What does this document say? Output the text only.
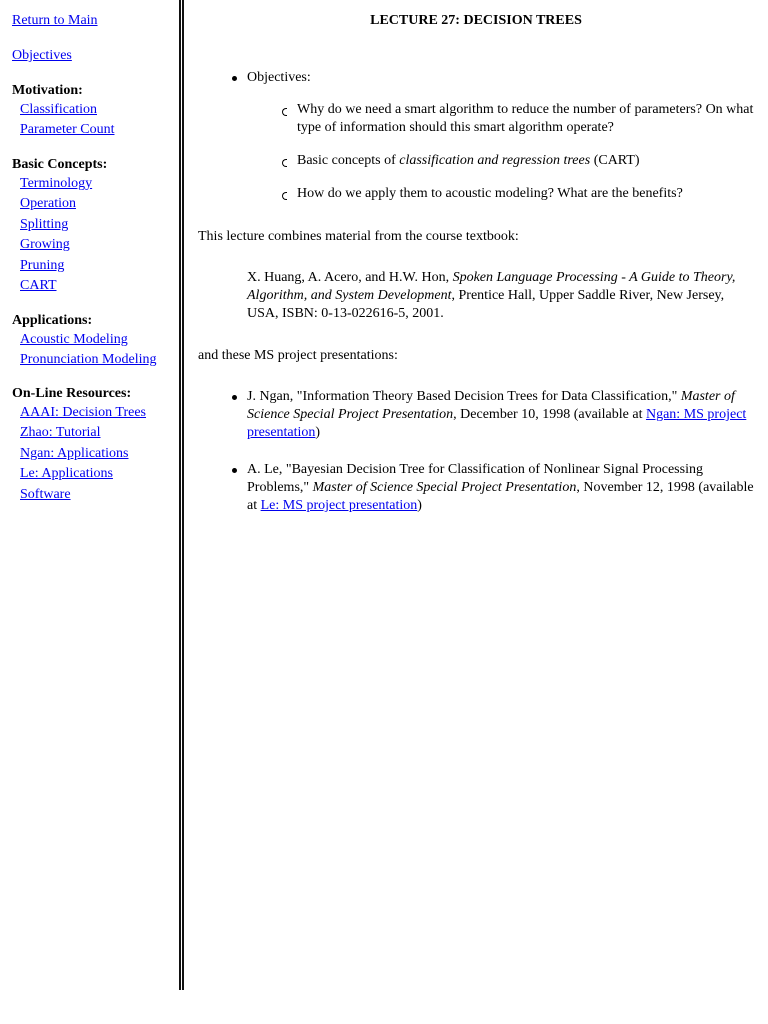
Return to Main
Objectives
Motivation:
Classification
Parameter Count
Basic Concepts:
Terminology
Operation
Splitting
Growing
Pruning
CART
Applications:
Acoustic Modeling
Pronunciation Modeling
On-Line Resources:
AAAI: Decision Trees
Zhao: Tutorial
Ngan: Applications
Le: Applications
Software
LECTURE 27: DECISION TREES
Objectives:
Why do we need a smart algorithm to reduce the number of parameters? On what type of information should this smart algorithm operate?
Basic concepts of classification and regression trees (CART)
How do we apply them to acoustic modeling? What are the benefits?
This lecture combines material from the course textbook:
X. Huang, A. Acero, and H.W. Hon, Spoken Language Processing - A Guide to Theory, Algorithm, and System Development, Prentice Hall, Upper Saddle River, New Jersey, USA, ISBN: 0-13-022616-5, 2001.
and these MS project presentations:
J. Ngan, "Information Theory Based Decision Trees for Data Classification," Master of Science Special Project Presentation, December 10, 1998 (available at Ngan: MS project presentation)
A. Le, "Bayesian Decision Tree for Classification of Nonlinear Signal Processing Problems," Master of Science Special Project Presentation, November 12, 1998 (available at Le: MS project presentation)
